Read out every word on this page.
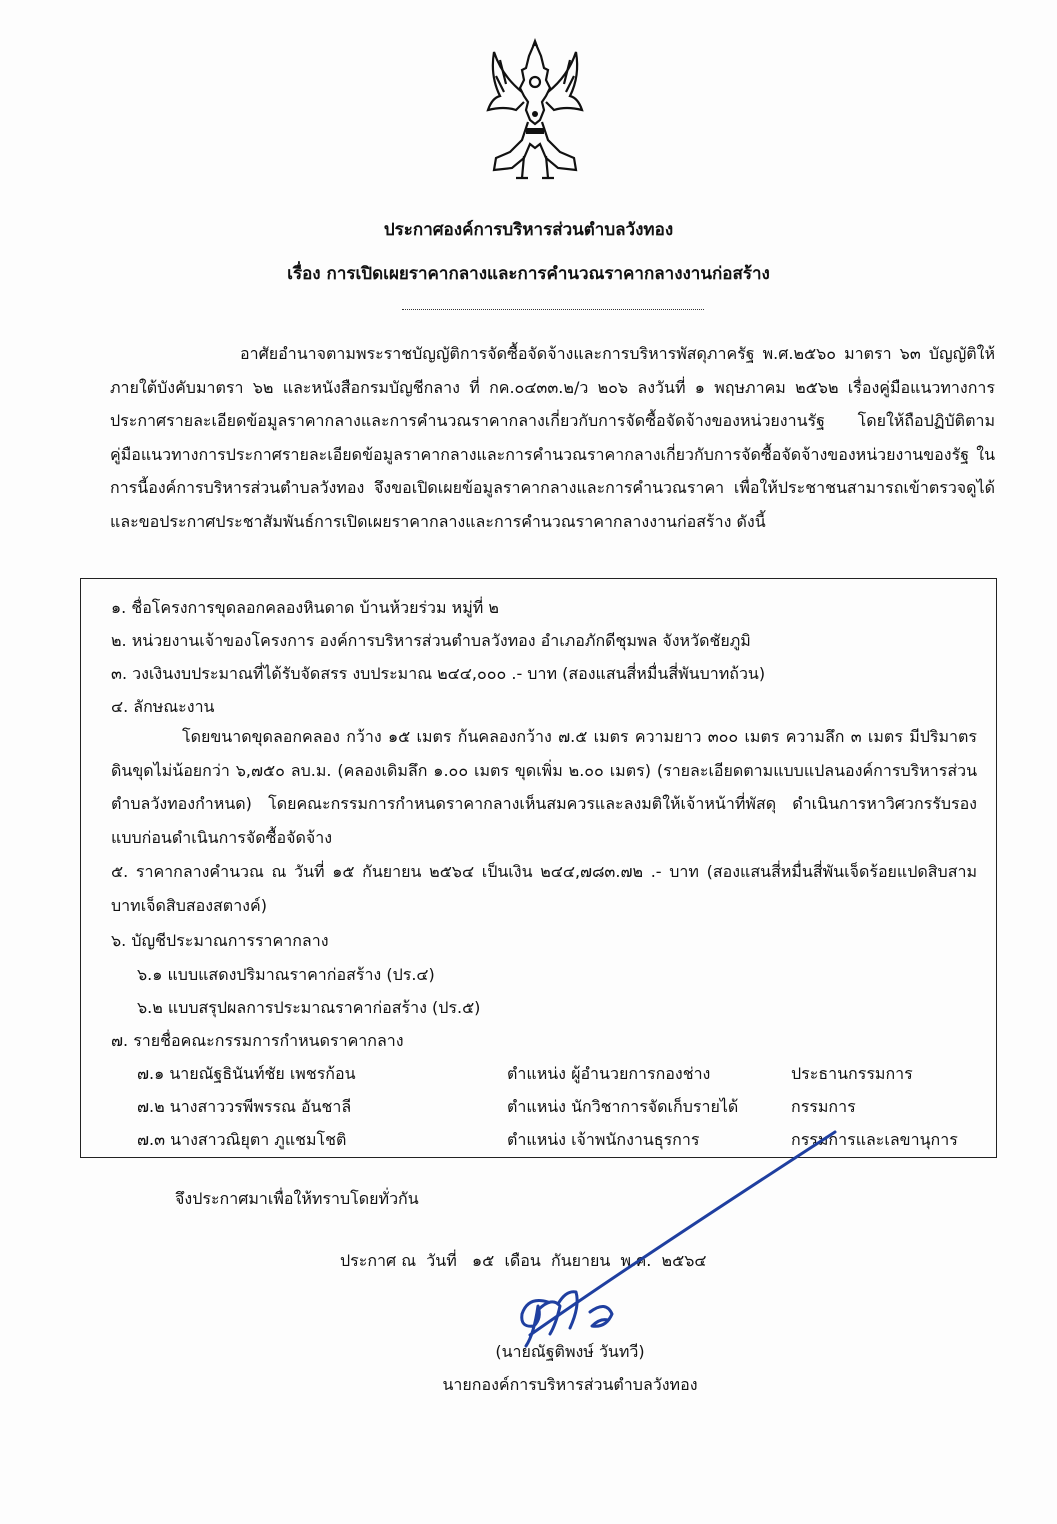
ประกาศองค์การบริหารส่วนตำบลวังทอง
เรื่อง การเปิดเผยราคากลางและการคำนวณราคากลางงานก่อสร้าง
อาศัยอำนาจตามพระราชบัญญัติการจัดซื้อจัดจ้างและการบริหารพัสดุภาครัฐ พ.ศ.๒๕๖๐ มาตรา ๖๓ บัญญัติให้ภายใต้บังคับมาตรา ๖๒ และหนังสือกรมบัญชีกลาง ที่ กค.๐๔๓๓.๒/ว ๒๐๖ ลงวันที่ ๑ พฤษภาคม ๒๕๖๒ เรื่องคู่มือแนวทางการประกาศรายละเอียดข้อมูลราคากลางและการคำนวณราคากลางเกี่ยวกับการจัดซื้อจัดจ้างของหน่วยงานรัฐ โดยให้ถือปฏิบัติตามคู่มือแนวทางการประกาศรายละเอียดข้อมูลราคากลางและการคำนวณราคากลางเกี่ยวกับการจัดซื้อจัดจ้างของหน่วยงานของรัฐ ในการนี้องค์การบริหารส่วนตำบลวังทอง จึงขอเปิดเผยข้อมูลราคากลางและการคำนวณราคา เพื่อให้ประชาชนสามารถเข้าตรวจดูได้ และขอประกาศประชาสัมพันธ์การเปิดเผยราคากลางและการคำนวณราคากลางงานก่อสร้าง ดังนี้
๑. ชื่อโครงการขุดลอกคลองหินดาด บ้านห้วยร่วม หมู่ที่ ๒
๒. หน่วยงานเจ้าของโครงการ องค์การบริหารส่วนตำบลวังทอง อำเภอภักดีชุมพล จังหวัดชัยภูมิ
๓. วงเงินงบประมาณที่ได้รับจัดสรร งบประมาณ ๒๔๔,๐๐๐ .- บาท (สองแสนสี่หมื่นสี่พันบาทถ้วน)
๔. ลักษณะงาน
โดยขนาดขุดลอกคลอง กว้าง ๑๕ เมตร ก้นคลองกว้าง ๗.๕ เมตร ความยาว ๓๐๐ เมตร ความลึก ๓ เมตร มีปริมาตรดินขุดไม่น้อยกว่า ๖,๗๕๐ ลบ.ม. (คลองเดิมลึก ๑.๐๐ เมตร ขุดเพิ่ม ๒.๐๐ เมตร) (รายละเอียดตามแบบแปลนองค์การบริหารส่วนตำบลวังทองกำหนด) โดยคณะกรรมการกำหนดราคากลางเห็นสมควรและลงมติให้เจ้าหน้าที่พัสดุ ดำเนินการหาวิศวกรรับรองแบบก่อนดำเนินการจัดซื้อจัดจ้าง
๕. ราคากลางคำนวณ ณ วันที่ ๑๕ กันยายน ๒๕๖๔ เป็นเงิน ๒๔๔,๗๘๓.๗๒ .- บาท (สองแสนสี่หมื่นสี่พันเจ็ดร้อยแปดสิบสามบาทเจ็ดสิบสองสตางค์)
๖. บัญชีประมาณการราคากลาง
๖.๑ แบบแสดงปริมาณราคาก่อสร้าง (ปร.๔)
๖.๒ แบบสรุปผลการประมาณราคาก่อสร้าง (ปร.๕)
๗. รายชื่อคณะกรรมการกำหนดราคากลาง
๗.๑ นายณัฐธินันท์ชัย เพชรก้อน	ตำแหน่ง ผู้อำนวยการกองช่าง	ประธานกรรมการ
๗.๒ นางสาววรพีพรรณ อันชาลี	ตำแหน่ง นักวิชาการจัดเก็บรายได้	กรรมการ
๗.๓ นางสาวณิยุตา ภูแชมโชติ	ตำแหน่ง เจ้าพนักงานธุรการ	กรรมการและเลขานุการ
จึงประกาศมาเพื่อให้ทราบโดยทั่วกัน
ประกาศ ณ  วันที่   ๑๕  เดือน  กันยายน  พ.ศ.  ๒๕๖๔
(นายณัฐติพงษ์ วันทวี)
นายกองค์การบริหารส่วนตำบลวังทอง
